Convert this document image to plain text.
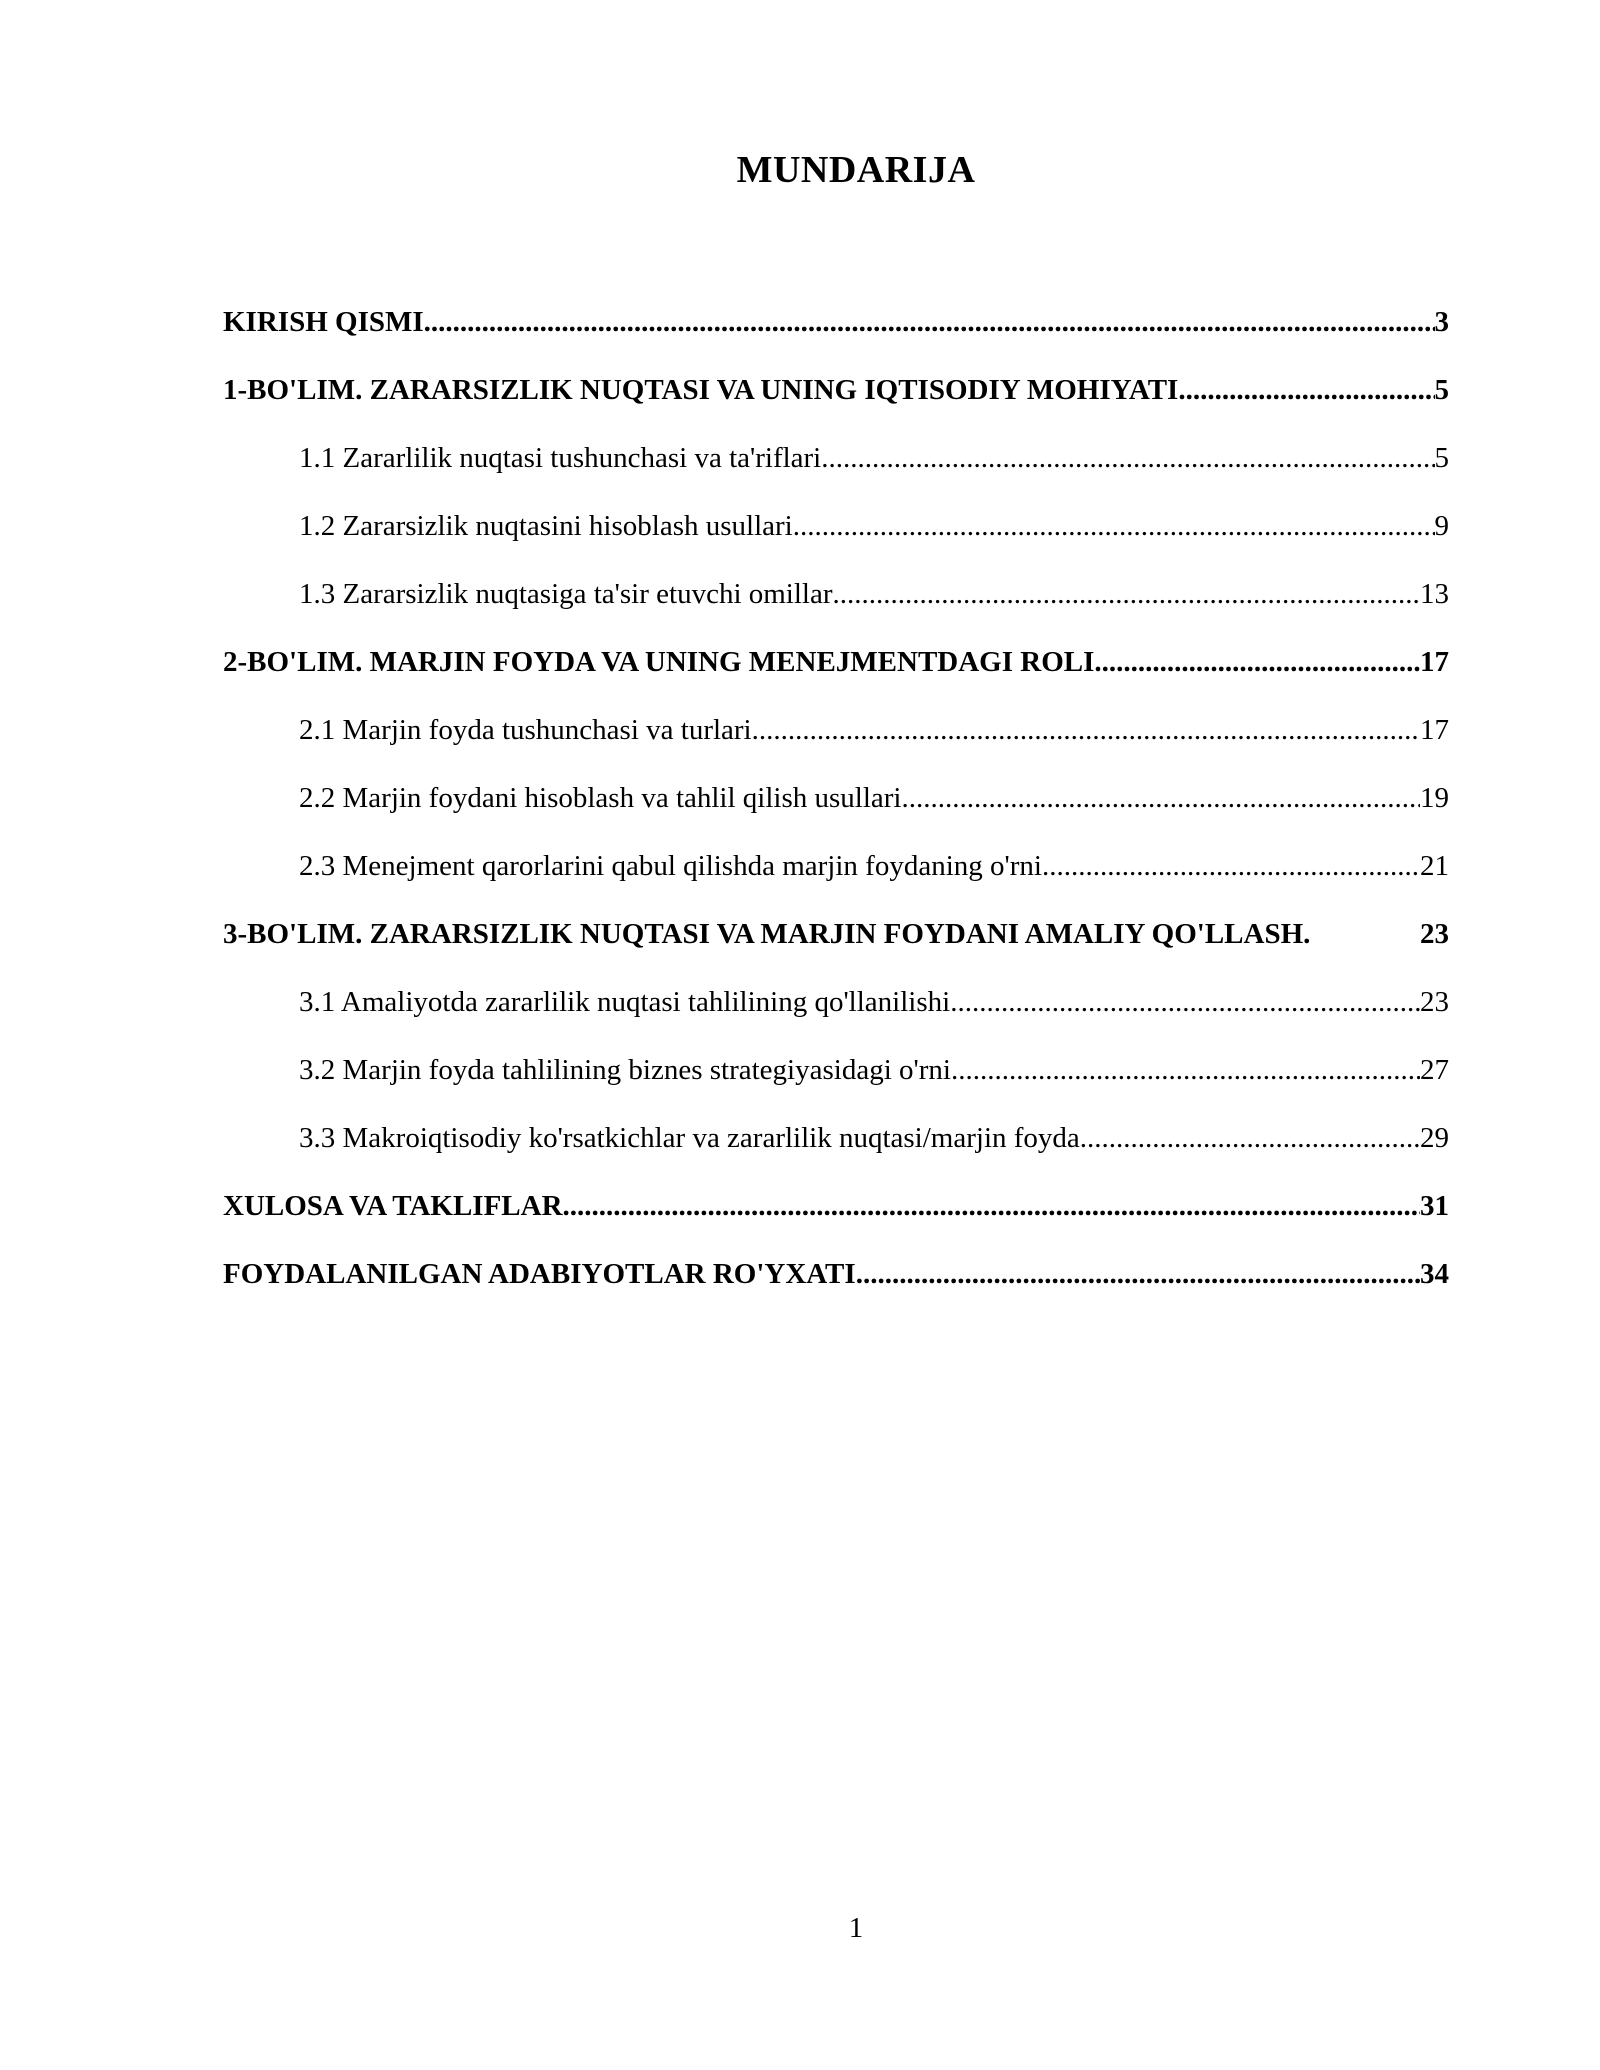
MUNDARIJA
KIRISH QISMI .....	3
1-BO'LIM. ZARARSIZLIK NUQTASI VA UNING IQTISODIY MOHIYATI .....	5
1.1 Zararlilik nuqtasi tushunchasi va ta'riflari .....	5
1.2 Zararsizlik nuqtasini hisoblash usullari .....	9
1.3 Zararsizlik nuqtasiga ta'sir etuvchi omillar .....	13
2-BO'LIM. MARJIN FOYDA VA UNING MENEJMENTDAGI ROLI .....	17
2.1 Marjin foyda tushunchasi va turlari .....	17
2.2 Marjin foydani hisoblash va tahlil qilish usullari .....	19
2.3 Menejment qarorlarini qabul qilishda marjin foydaning o'rni .....	21
3-BO'LIM. ZARARSIZLIK NUQTASI VA MARJIN FOYDANI AMALIY QO'LLASH.	23
3.1 Amaliyotda zararlilik nuqtasi tahlilining qo'llanilishi .....	23
3.2 Marjin foyda tahlilining biznes strategiyasidagi o'rni .....	27
3.3 Makroiqtisodiy ko'rsatkichlar va zararlilik nuqtasi/marjin foyda .....	29
XULOSA VA TAKLIFLAR .....	31
FOYDALANILGAN ADABIYOTLAR RO'YXATI .....	34
1
